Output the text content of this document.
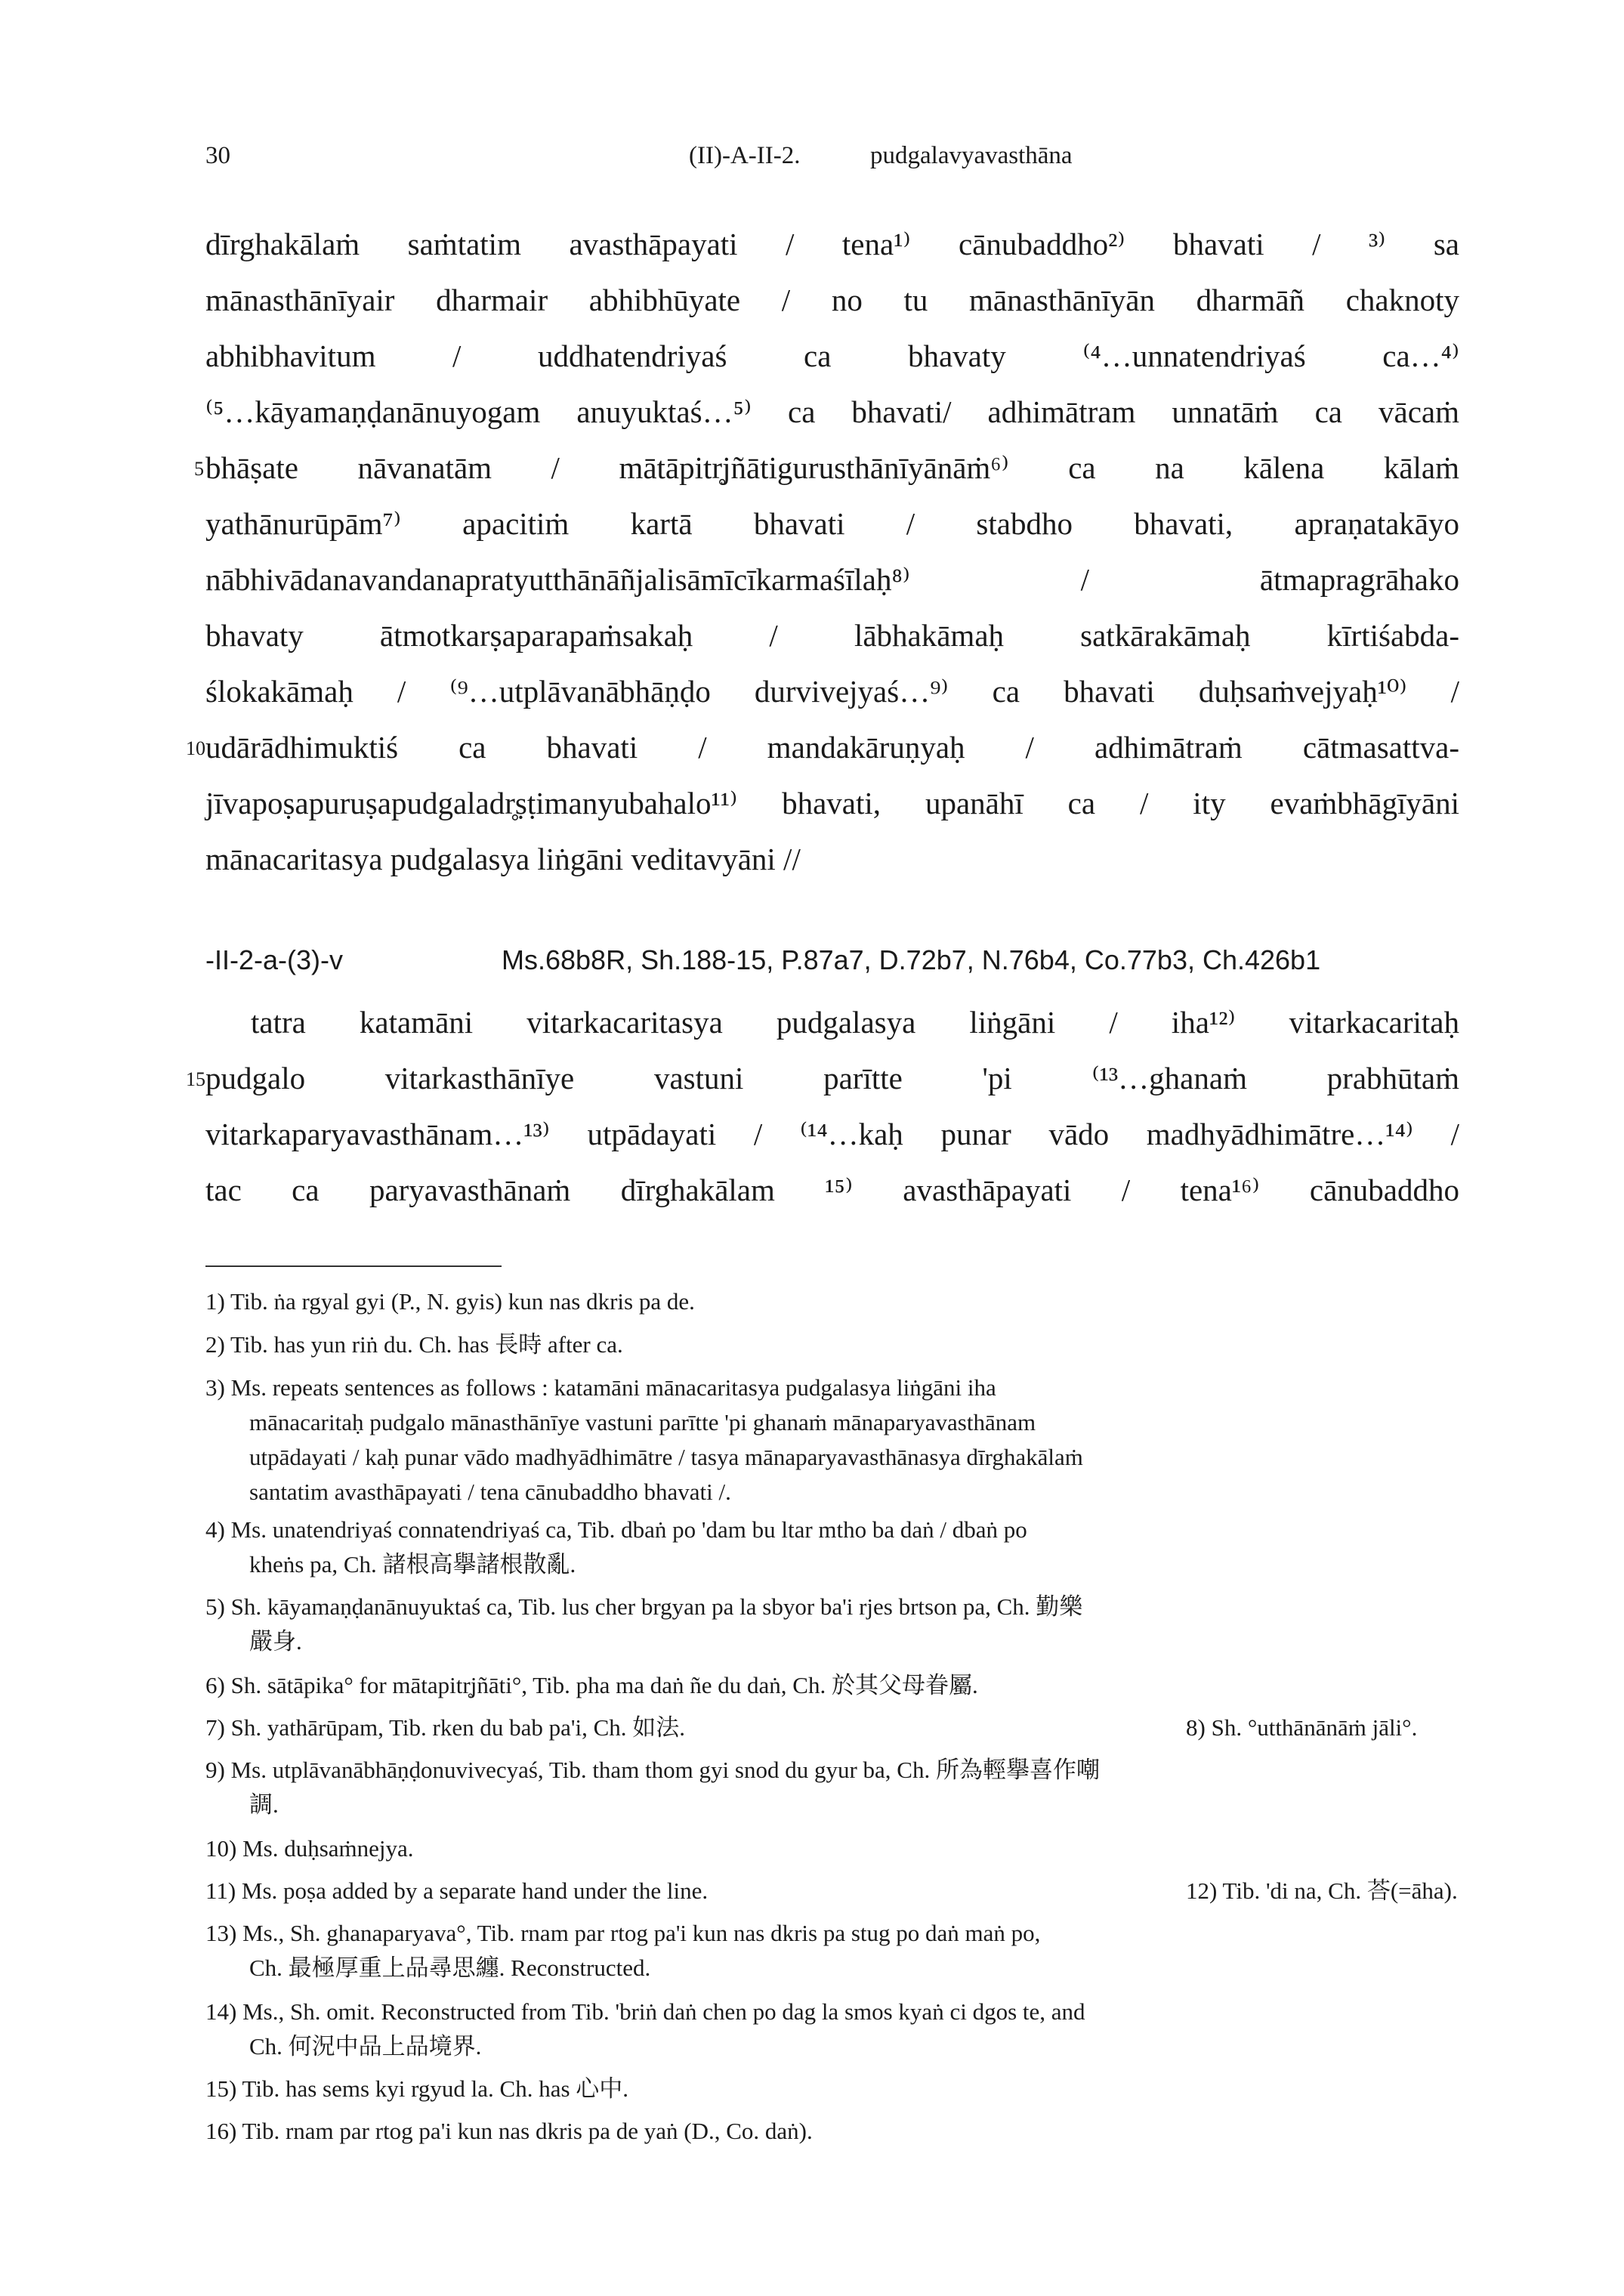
30	(II)-A-II-2.	pudgalavyavasthāna
dīrghakālaṁ saṁtatim avasthāpayati / tena¹⁾ cānubaddho²⁾ bhavati / ³⁾ sa
mānasthānīyair dharmair abhibhūyate / no tu mānasthānīyān dharmāñ chaknoty
abhibhavitum / uddhatendriyaś ca bhavaty ⁽⁴…unnatendriyaś ca…⁴⁾
⁽⁵…kāyamaṇḍanānuyogam anuyuktaś…⁵⁾ ca bhavati/ adhimātram unnatāṁ ca vācaṁ
5 bhāṣate nāvanatām / mātāpitr̥jñātigurusthānīyānāṁ⁶⁾ ca na kālena kālaṁ
yathānurūpām⁷⁾ apacitiṁ kartā bhavati / stabdho bhavati, apraṇatakāyo
nābhivādanavandanapratyutthānāñjalisāmīcīkarmaśīlaḥ⁸⁾ / ātmapragrāhako
bhavaty ātmotkarṣaparapaṁsakaḥ / lābhakāmaḥ satkārakāmaḥ kīrtiśabda-
ślokakāmaḥ / ⁽⁹…utplāvanābhāṇḍo durvivejyaś…⁹⁾ ca bhavati duḥsaṁvejyaḥ¹⁰⁾ /
10 udārādhimuktiś ca bhavati / mandakāruṇyaḥ / adhimātraṁ cātmasattva-
jīvapoṣapuruṣapudgaladr̥ṣṭimanyubahalo¹¹⁾ bhavati, upanāhī ca / ity evaṁbhāgīyāni
mānacaritasya pudgalasya liṅgāni veditavyāni //
-II-2-a-(3)-v	Ms.68b8R, Sh.188-15, P.87a7, D.72b7, N.76b4, Co.77b3, Ch.426b1
tatra katamāni vitarkacaritasya pudgalasya liṅgāni / iha¹²⁾ vitarkacaritaḥ
15 pudgalo vitarkasthānīye vastuni parītte 'pi ⁽¹³…ghanaṁ prabhūtaṁ
vitarkaparyavasthānam…¹³⁾ utpādayati / ⁽¹⁴…kaḥ punar vādo madhyādhimātre…¹⁴⁾ /
tac ca paryavasthānaṁ dīrghakālam ¹⁵⁾ avasthāpayati / tena¹⁶⁾ cānubaddho
1) Tib. ṅa rgyal gyi (P., N. gyis) kun nas dkris pa de.
2) Tib. has yun riṅ du. Ch. has 長時 after ca.
3) Ms. repeats sentences as follows : katamāni mānacaritasya pudgalasya liṅgāni iha
mānacaritaḥ pudgalo mānasthānīye vastuni parītte 'pi ghanaṁ mānaparyavasthānam
utpādayati / kaḥ punar vādo madhyādhimātre / tasya mānaparyavasthānasya dīrghakālaṁ
santatim avasthāpayati / tena cānubaddho bhavati /.
4) Ms. unatendriyaś connatendriyaś ca, Tib. dbaṅ po 'dam bu ltar mtho ba daṅ / dbaṅ po
kheṅs pa, Ch. 諸根高擧諸根散亂.
5) Sh. kāyamaṇḍanānuyuktaś ca, Tib. lus cher brgyan pa la sbyor ba'i rjes brtson pa, Ch. 勤樂
嚴身.
6) Sh. sātāpika° for mātapitr̥jñāti°, Tib. pha ma daṅ ñe du daṅ, Ch. 於其父母眷屬.
7) Sh. yathārūpam, Tib. rken du bab pa'i, Ch. 如法.	8) Sh. °utthānānāṁ jāli°.
9) Ms. utplāvanābhāṇḍonuvivecyaś, Tib. tham thom gyi snod du gyur ba, Ch. 所為輕擧喜作嘲
調.
10) Ms. duḥsaṁnejya.
11) Ms. poṣa added by a separate hand under the line.	12) Tib. 'di na, Ch. 荅(=āha).
13) Ms., Sh. ghanaparyava°, Tib. rnam par rtog pa'i kun nas dkris pa stug po daṅ maṅ po,
Ch. 最極厚重上品尋思纏. Reconstructed.
14) Ms., Sh. omit. Reconstructed from Tib. 'briṅ daṅ chen po dag la smos kyaṅ ci dgos te, and
Ch. 何況中品上品境界.
15) Tib. has sems kyi rgyud la. Ch. has 心中.
16) Tib. rnam par rtog pa'i kun nas dkris pa de yaṅ (D., Co. daṅ).
